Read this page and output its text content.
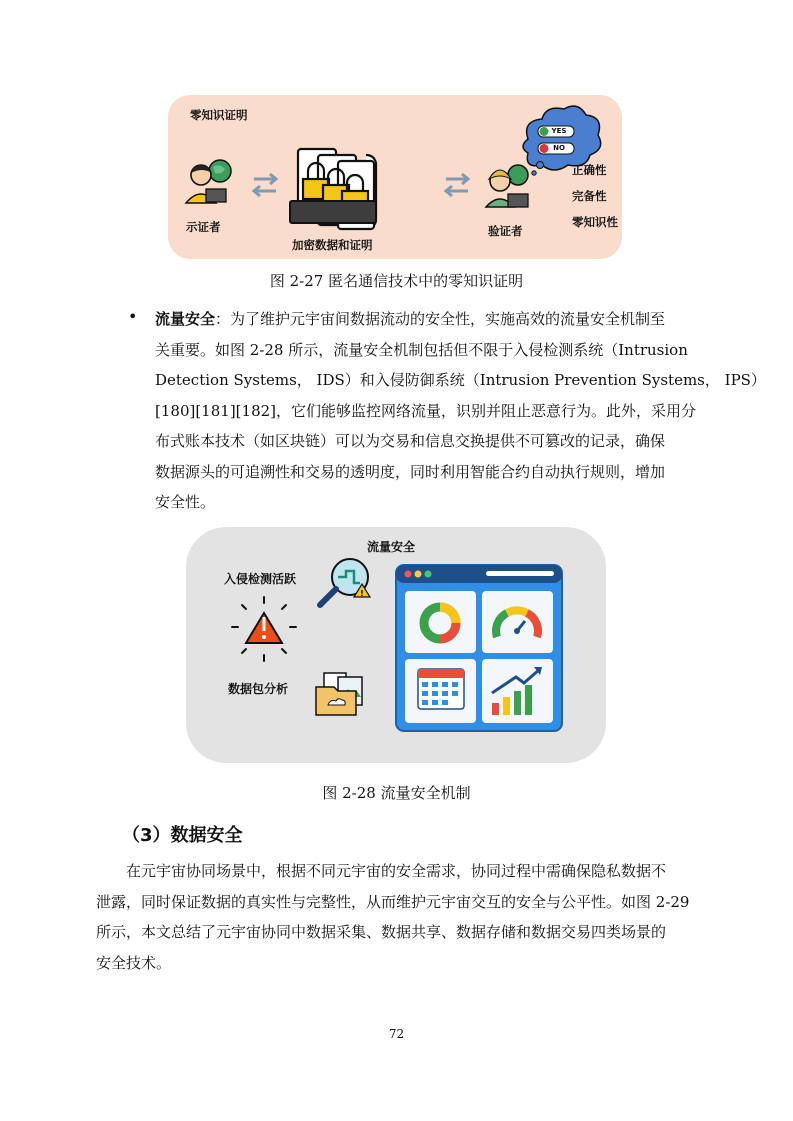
零知识证明
YES
NO
示证者
加密数据和证明
验证者
正确性
完备性
零知识性
图 2-27 匿名通信技术中的零知识证明
• 流量安全：为了维护元宇宙间数据流动的安全性，实施高效的流量安全机制至
关重要。如图 2-28 所示，流量安全机制包括但不限于入侵检测系统（Intrusion
Detection Systems， IDS）和入侵防御系统（Intrusion Prevention Systems， IPS）
[180][181][182]，它们能够监控网络流量，识别并阻止恶意行为。此外，采用分
布式账本技术（如区块链）可以为交易和信息交换提供不可篡改的记录，确保
数据源头的可追溯性和交易的透明度，同时利用智能合约自动执行规则，增加
安全性。
!
流量安全
入侵检测活跃
数据包分析
图 2-28 流量安全机制
（3）数据安全
在元宇宙协同场景中，根据不同元宇宙的安全需求，协同过程中需确保隐私数据不
泄露，同时保证数据的真实性与完整性，从而维护元宇宙交互的安全与公平性。如图 2-29
所示，本文总结了元宇宙协同中数据采集、数据共享、数据存储和数据交易四类场景的
安全技术。
72
